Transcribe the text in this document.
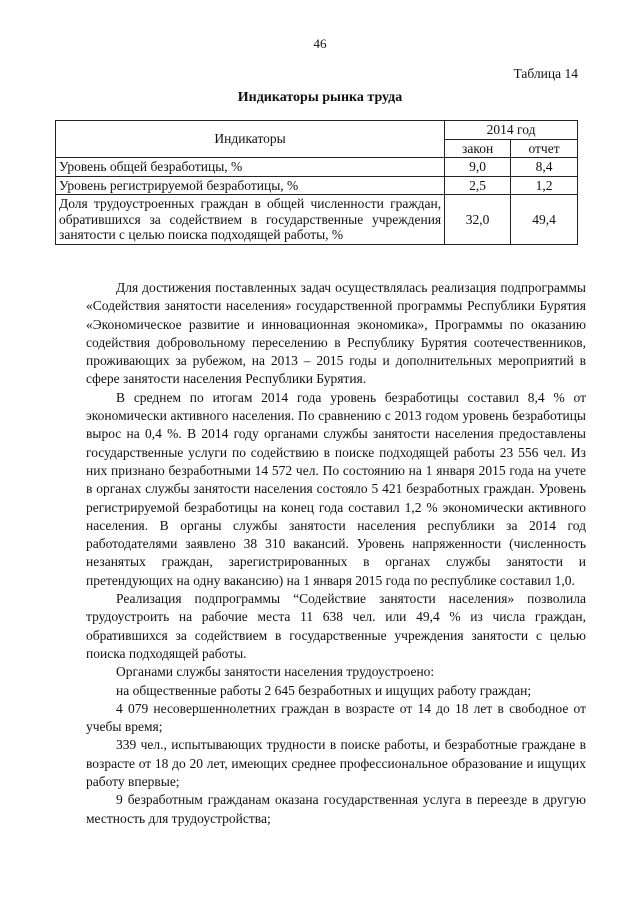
46
Таблица 14
Индикаторы рынка труда
Индикаторы	2014 год	
	закон	отчет
Уровень общей безработицы, %	9,0	8,4
Уровень регистрируемой безработицы, %	2,5	1,2
Доля трудоустроенных граждан в общей численности граждан, обратившихся за содействием в государственные учреждения занятости с целью поиска подходящей работы, %	32,0	49,4

Для достижения поставленных задач осуществлялась реализация подпрограммы «Содействия занятости населения» государственной программы Республики Бурятия «Экономическое развитие и инновационная экономика», Программы по оказанию содействия добровольному переселению в Республику Бурятия соотечественников, проживающих за рубежом, на 2013 – 2015 годы и дополнительных мероприятий в сфере занятости населения Республики Бурятия.

В среднем по итогам 2014 года уровень безработицы составил 8,4 % от экономически активного населения. По сравнению с 2013 годом уровень безработицы вырос на 0,4 %. В 2014 году органами службы занятости населения предоставлены государственные услуги по содействию в поиске подходящей работы 23 556 чел. Из них признано безработными 14 572 чел. По состоянию на 1 января 2015 года на учете в органах службы занятости населения состояло 5 421 безработных граждан. Уровень регистрируемой безработицы на конец года составил 1,2 % экономически активного населения. В органы службы занятости населения республики за 2014 год работодателями заявлено 38 310 вакансий. Уровень напряженности (численность незанятых граждан, зарегистрированных в органах службы занятости и претендующих на одну вакансию) на 1 января 2015 года по республике составил 1,0.

Реализация подпрограммы “Содействие занятости населения» позволила трудоустроить на рабочие места 11 638 чел. или 49,4 % из числа граждан, обратившихся за содействием в государственные учреждения занятости с целью поиска подходящей работы.

Органами службы занятости населения трудоустроено:

на общественные работы 2 645 безработных и ищущих работу граждан;

4 079 несовершеннолетних граждан в возрасте от 14 до 18 лет в свободное от учебы время;

339 чел., испытывающих трудности в поиске работы, и безработные граждане в возрасте от 18 до 20 лет, имеющих среднее профессиональное образование и ищущих работу впервые;

9 безработным гражданам оказана государственная услуга в переезде в другую местность для трудоустройства;
